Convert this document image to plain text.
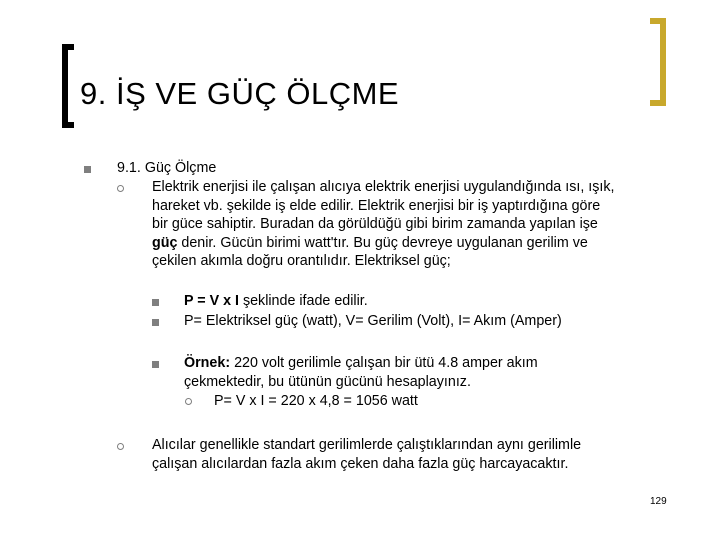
9. İŞ VE GÜÇ ÖLÇME
9.1. Güç Ölçme
Elektrik enerjisi ile çalışan alıcıya elektrik enerjisi uygulandığında ısı, ışık,
hareket vb. şekilde iş elde edilir. Elektrik enerjisi bir iş yaptırdığına göre
bir güce sahiptir. Buradan da görüldüğü gibi birim zamanda yapılan işe
güç denir. Gücün birimi watt'tır. Bu güç devreye uygulanan gerilim ve
çekilen akımla doğru orantılıdır. Elektriksel güç;
P = V x I şeklinde ifade edilir.
P= Elektriksel güç (watt), V= Gerilim (Volt), I= Akım (Amper)
Örnek: 220 volt gerilimle çalışan bir ütü 4.8 amper akım
çekmektedir, bu ütünün gücünü hesaplayınız.
P= V x I = 220 x 4,8 = 1056 watt
Alıcılar genellikle standart gerilimlerde çalıştıklarından aynı gerilimle
çalışan alıcılardan fazla akım çeken daha fazla güç harcayacaktır.
129
